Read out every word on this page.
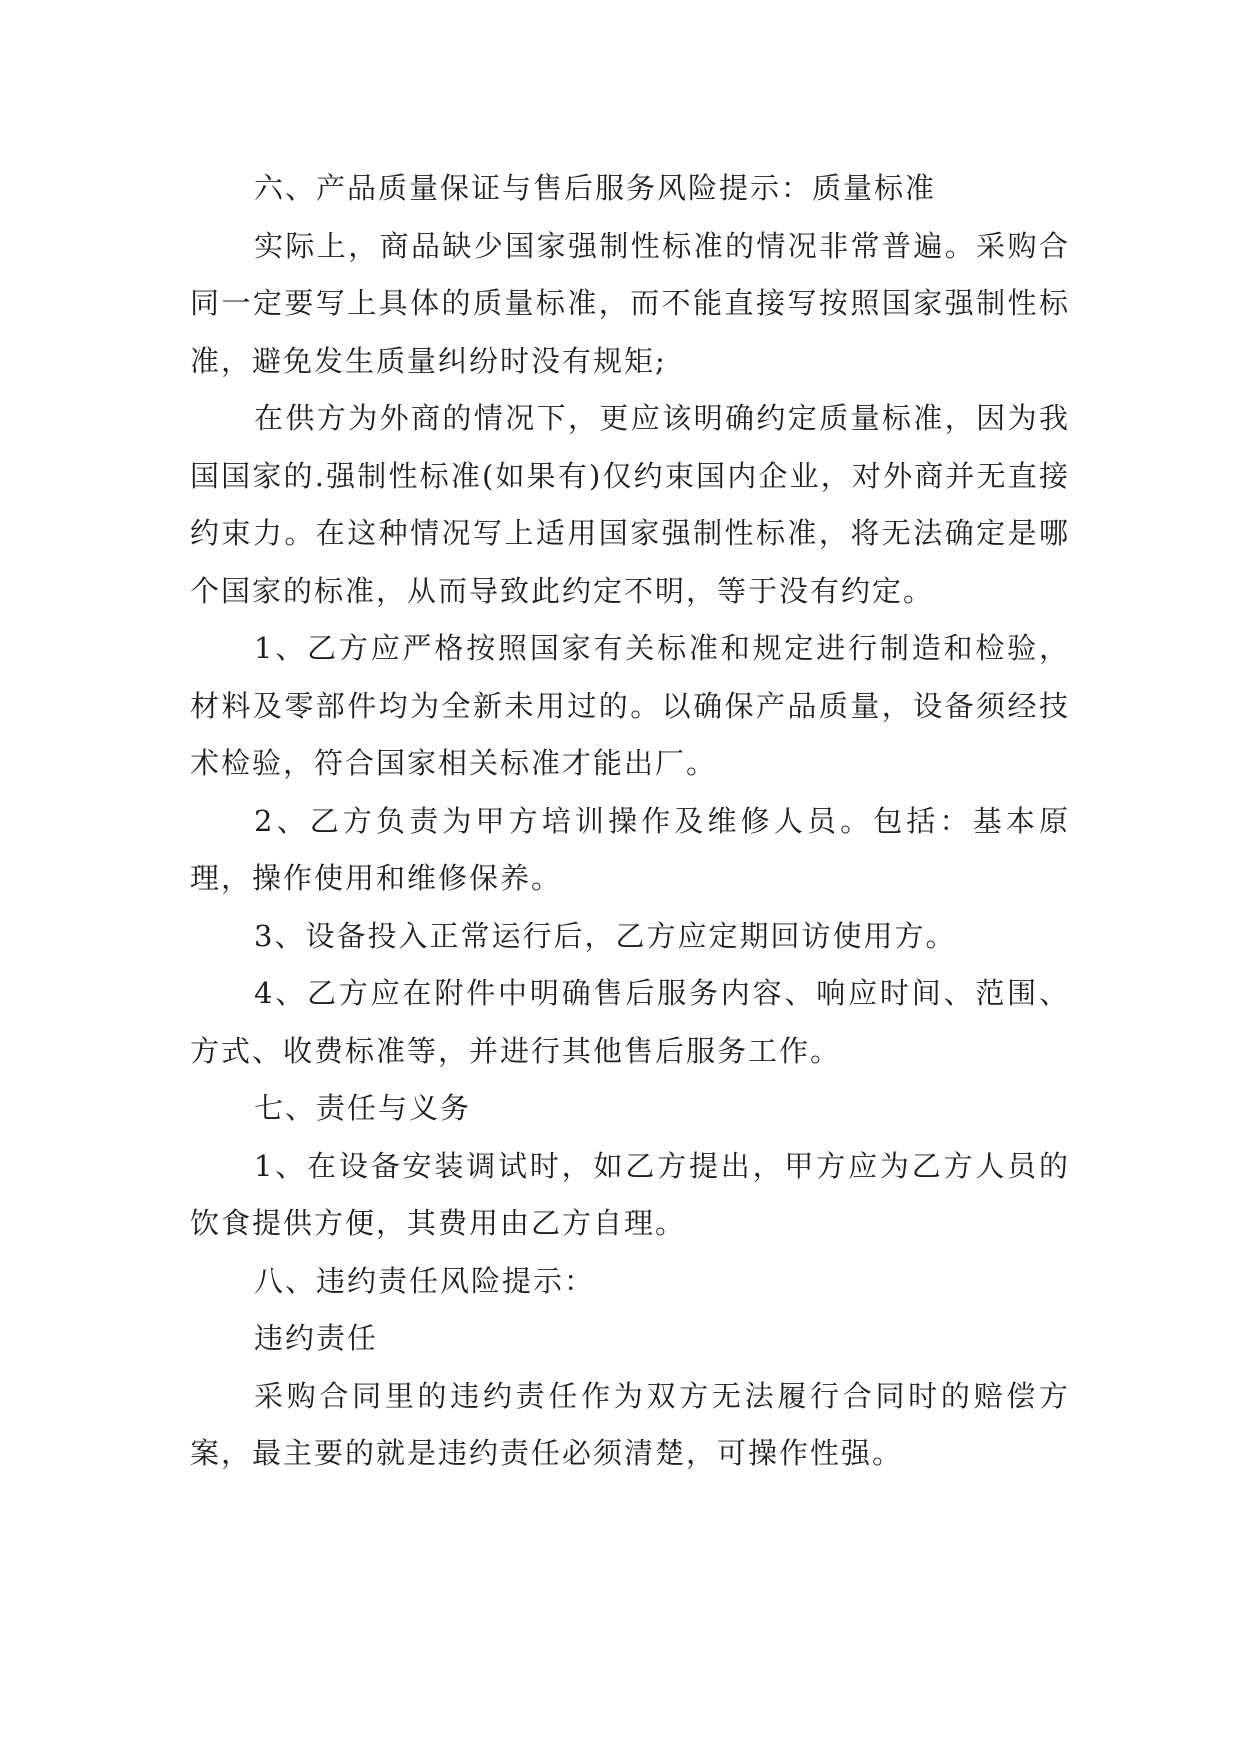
六、产品质量保证与售后服务风险提示：质量标准

实际上，商品缺少国家强制性标准的情况非常普遍。采购合同一定要写上具体的质量标准，而不能直接写按照国家强制性标准，避免发生质量纠纷时没有规矩;

在供方为外商的情况下，更应该明确约定质量标准，因为我国国家的.强制性标准(如果有)仅约束国内企业，对外商并无直接约束力。在这种情况写上适用国家强制性标准，将无法确定是哪个国家的标准，从而导致此约定不明，等于没有约定。

1、乙方应严格按照国家有关标准和规定进行制造和检验，材料及零部件均为全新未用过的。以确保产品质量，设备须经技术检验，符合国家相关标准才能出厂。

2、乙方负责为甲方培训操作及维修人员。包括：基本原理，操作使用和维修保养。

3、设备投入正常运行后，乙方应定期回访使用方。

4、乙方应在附件中明确售后服务内容、响应时间、范围、方式、收费标准等，并进行其他售后服务工作。

七、责任与义务

1、在设备安装调试时，如乙方提出，甲方应为乙方人员的饮食提供方便，其费用由乙方自理。

八、违约责任风险提示：

违约责任

采购合同里的违约责任作为双方无法履行合同时的赔偿方案，最主要的就是违约责任必须清楚，可操作性强。
